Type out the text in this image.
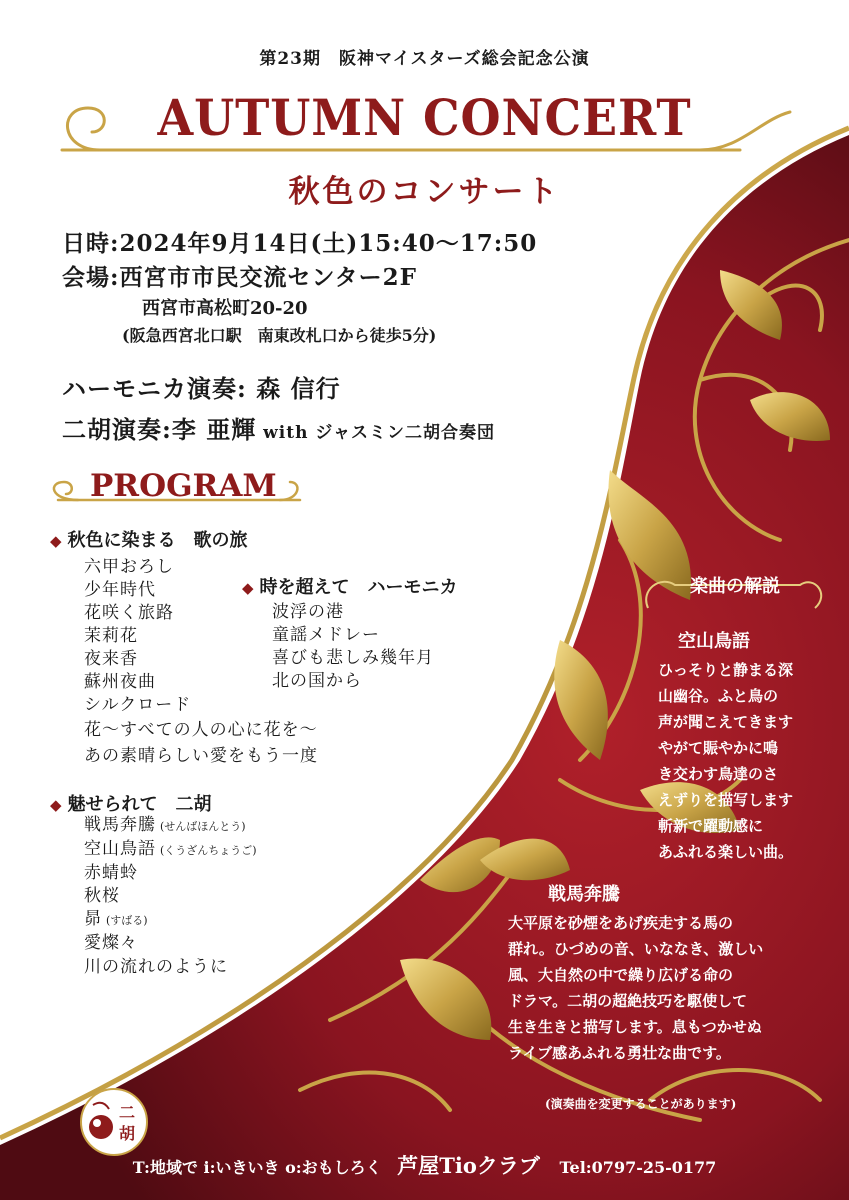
第23期　阪神マイスターズ総会記念公演
AUTUMN CONCERT
秋色のコンサート
日時:2024年9月14日(土)15:40～17:50
会場:西宮市市民交流センター2F
西宮市高松町20-20
(阪急西宮北口駅　南東改札口から徒歩5分)
ハーモニカ演奏: 森 信行
二胡演奏:李 亜輝 with ジャスミン二胡合奏団
PROGRAM
◆ 秋色に染まる　歌の旅
六甲おろし
少年時代
花咲く旅路
茉莉花
夜来香
蘇州夜曲
シルクロード
花～すべての人の心に花を～
あの素晴らしい愛をもう一度
◆ 時を超えて　ハーモニカ
波浮の港
童謡メドレー
喜びも悲しみ幾年月
北の国から
◆ 魅せられて　二胡
戦馬奔騰 (せんばほんとう)
空山鳥語 (くうざんちょうご)
赤蜻蛉
秋桜
昴 (すばる)
愛燦々
川の流れのように
楽曲の解説
空山鳥語
ひっそりと静まる深
山幽谷。ふと鳥の
声が聞こえてきます
やがて賑やかに鳴
き交わす鳥達のさ
えずりを描写します
斬新で躍動感に
あふれる楽しい曲。
戦馬奔騰
大平原を砂煙をあげ疾走する馬の
群れ。ひづめの音、いななき、激しい
風、大自然の中で繰り広げる命の
ドラマ。二胡の超絶技巧を駆使して
生き生きと描写します。息もつかせぬ
ライブ感あふれる勇壮な曲です。
(演奏曲を変更することがあります)
二
胡
T:地域で i:いきいき o:おもしろく 芦屋Tioクラブ Tel:0797-25-0177
